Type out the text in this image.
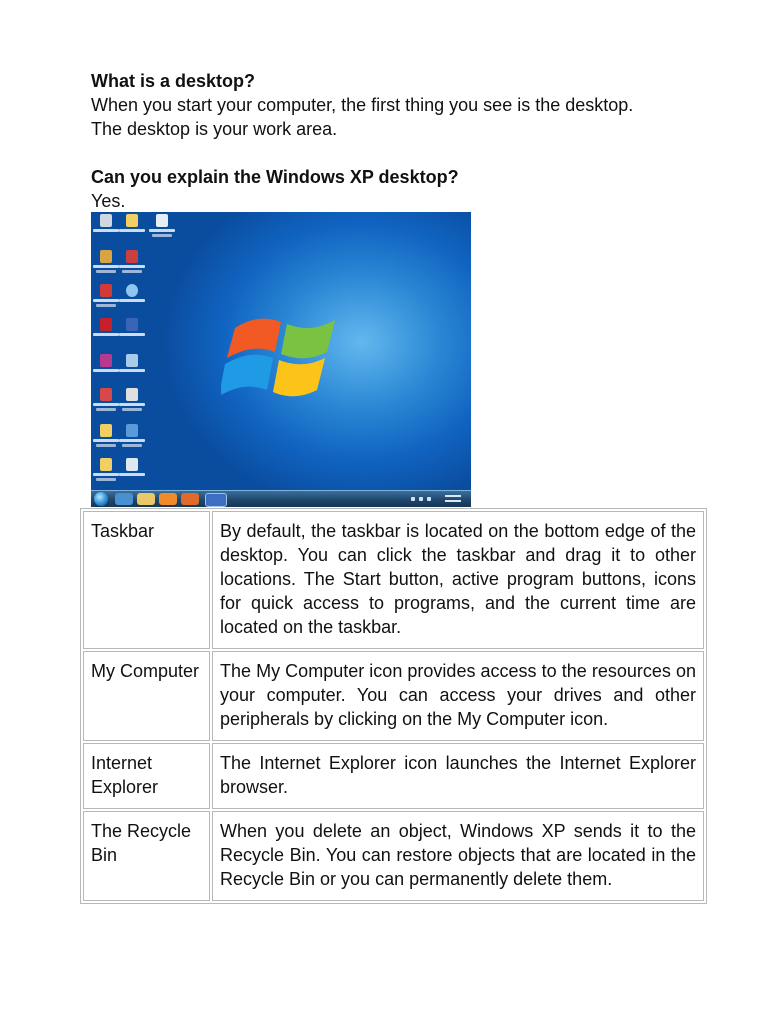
What is a desktop?

When you start your computer, the first thing you see is the desktop.

The desktop is your work area.

Can you explain the Windows XP desktop?

Yes.

Taskbar	By default, the taskbar is located on the bottom edge of the desktop. You can click the taskbar and drag it to other locations. The Start button, active program buttons, icons for quick access to programs, and the current time are located on the taskbar.
My Computer	The My Computer icon provides access to the resources on your computer. You can access your drives and other peripherals by clicking on the My Computer icon.
Internet Explorer	The Internet Explorer icon launches the Internet Explorer browser.
The Recycle Bin	When you delete an object, Windows XP sends it to the Recycle Bin. You can restore objects that are located in the Recycle Bin or you can permanently delete them.
